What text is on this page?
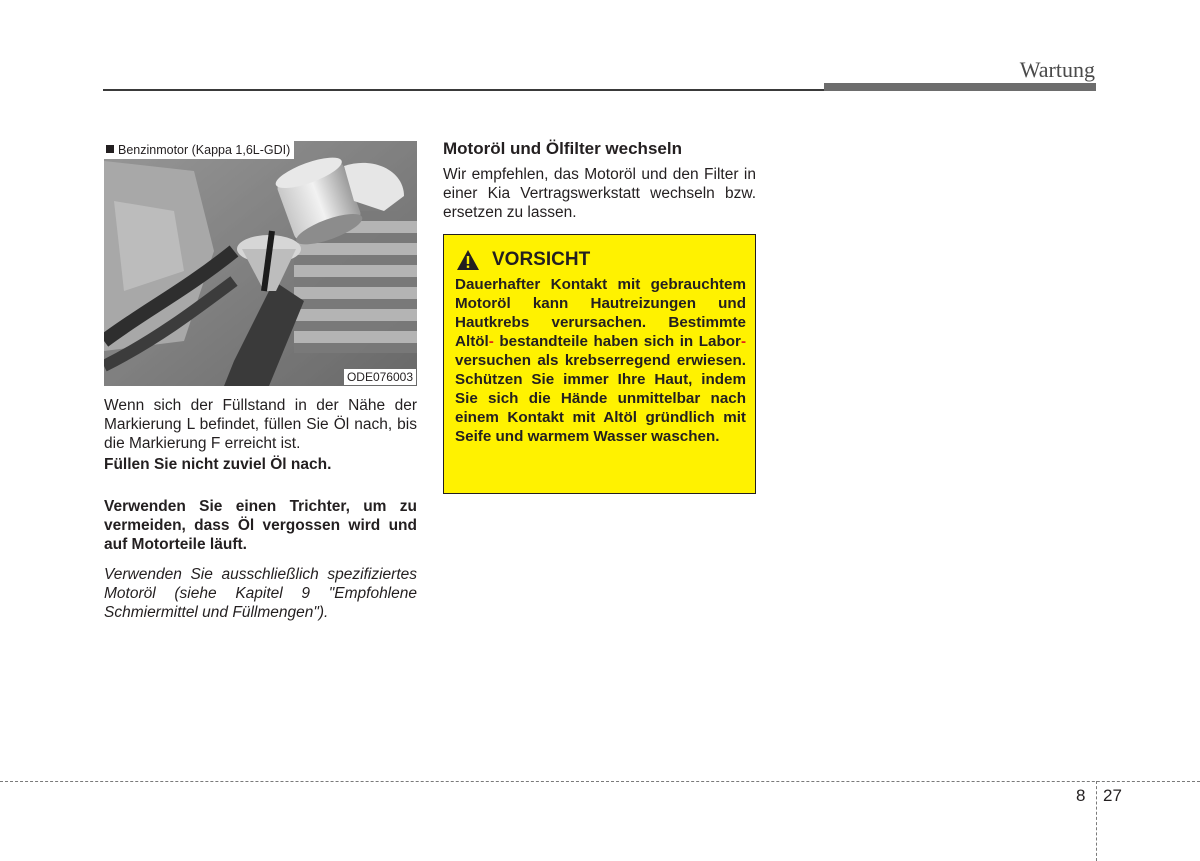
Wartung
Benzinmotor (Kappa 1,6L-GDI)
ODE076003
Wenn sich der Füllstand in der Nähe der Markierung L befindet, füllen Sie Öl nach, bis die Markierung F erreicht ist.
Füllen Sie nicht zuviel Öl nach.
Verwenden Sie einen Trichter, um zu vermeiden, dass Öl vergossen wird und auf Motorteile läuft.
Verwenden Sie ausschließlich spezifiziertes Motoröl (siehe Kapitel 9 "Empfohlene Schmiermittel und Füllmengen").
Motoröl und Ölfilter wechseln
Wir empfehlen, das Motoröl und den Filter in einer Kia Vertragswerkstatt wechseln bzw. ersetzen zu lassen.
VORSICHT
Dauerhafter Kontakt mit gebrauchtem Motoröl kann Hautreizungen und Hautkrebs verursachen. Bestimmte Altöl- bestandteile haben sich in Labor- versuchen als krebserregend erwiesen. Schützen Sie immer Ihre Haut, indem Sie sich die Hände unmittelbar nach einem Kontakt mit Altöl gründlich mit Seife und warmem Wasser waschen.
8 27
